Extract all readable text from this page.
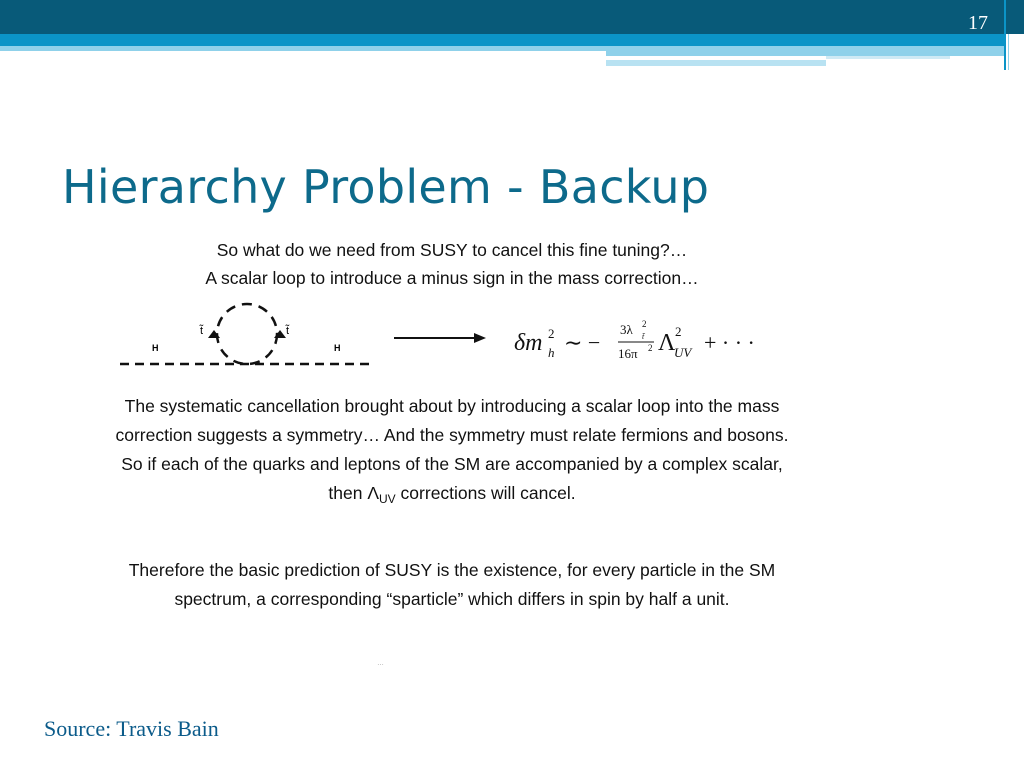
17
Hierarchy Problem - Backup

So what do we need from SUSY to cancel this fine tuning?…

A scalar loop to introduce a minus sign in the mass correction…

H	H
t̃	t̃	δm 2
h ∼ −
3λ 2
t̃
16π 2 Λ 2
UV + · · ·

The systematic cancellation brought about by introducing a scalar loop into the mass correction suggests a symmetry… And the symmetry must relate fermions and bosons. So if each of the quarks and leptons of the SM are accompanied by a complex scalar, then $\Lambda_{UV}$ corrections will cancel.

Therefore the basic prediction of SUSY is the existence, for every particle in the SM spectrum, a corresponding “sparticle” which differs in spin by half a unit.

…
Source: Travis Bain
